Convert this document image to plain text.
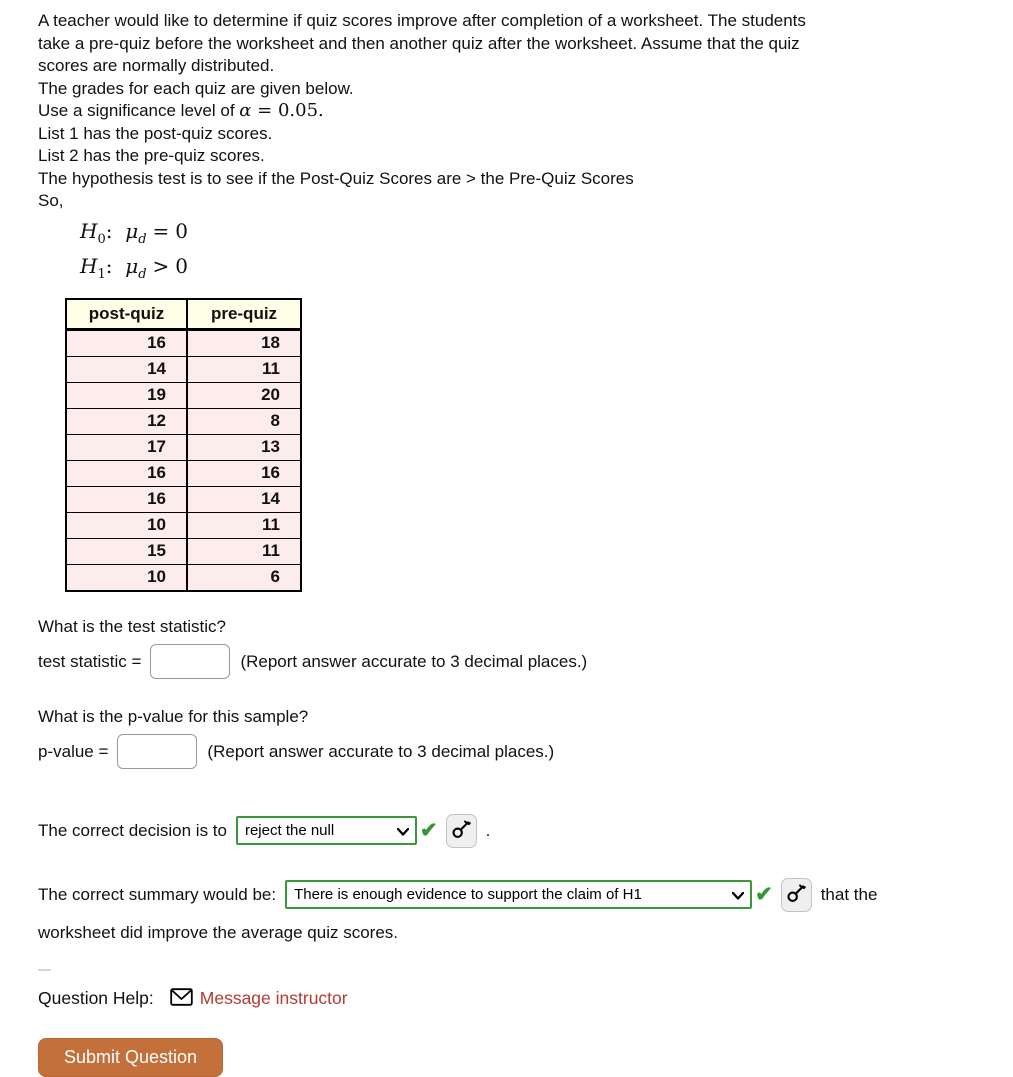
A teacher would like to determine if quiz scores improve after completion of a worksheet. The students
take a pre-quiz before the worksheet and then another quiz after the worksheet. Assume that the quiz
scores are normally distributed.
The grades for each quiz are given below.
Use a significance level of α = 0.05.
List 1 has the post-quiz scores.
List 2 has the pre-quiz scores.
The hypothesis test is to see if the Post-Quiz Scores are > the Pre-Quiz Scores
So,
$H_0$: $\mu_d = 0$
$H_1$: $\mu_d > 0$
post-quiz	pre-quiz
16	18
14	11
19	20
12	8
17	13
16	16
16	14
10	11
15	11
10	6
What is the test statistic?
test statistic =	(Report answer accurate to 3 decimal places.)
What is the p-value for this sample?
p-value =	(Report answer accurate to 3 decimal places.)
The correct decision is to
reject the null	✔	.
The correct summary would be:
There is enough evidence to support the claim of H1	✔	that the
worksheet did improve the average quiz scores.
Question Help:	Message instructor
Submit Question
